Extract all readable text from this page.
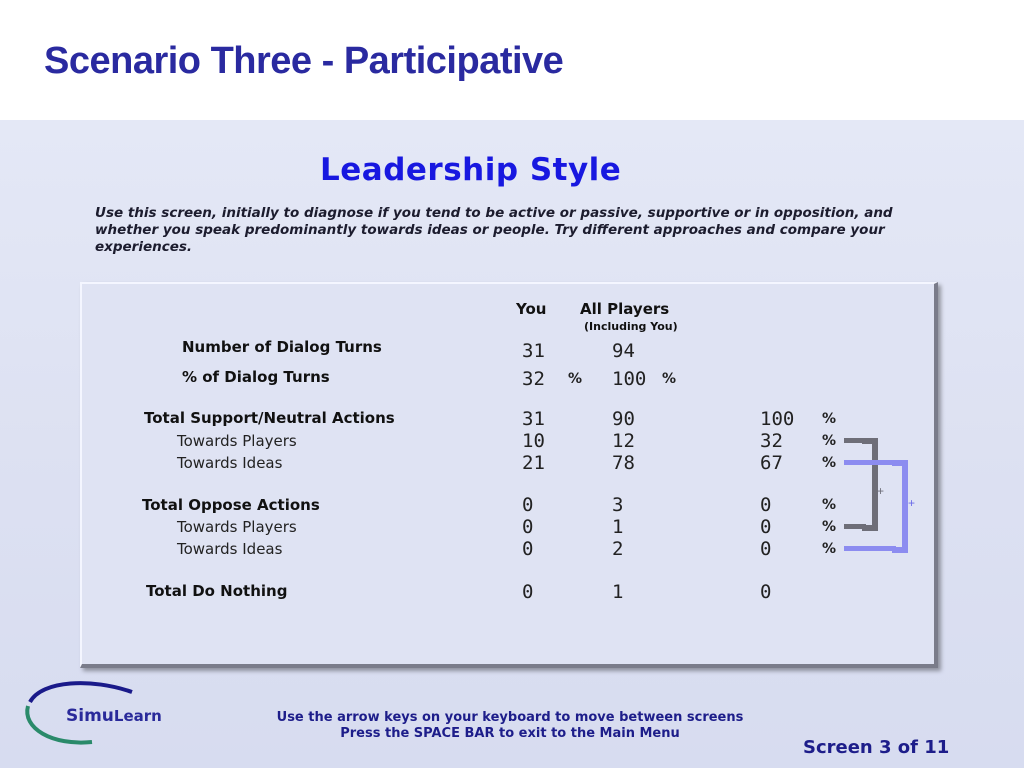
Scenario Three - Participative
Leadership Style
Use this screen, initially to diagnose if you tend to be active or passive, supportive or in opposition, and whether you speak predominantly towards ideas or people. Try different approaches and compare your experiences.
You All Players
(Including You)
Number of Dialog Turns	31	94
% of Dialog Turns	32 % 100 %
Total Support/Neutral Actions	31	90	100 %
Towards Players	10	12	32	%
Towards Ideas	21	78	67	%
Total Oppose Actions	0	3	0	%
Towards Players	0	1	0	%
Towards Ideas	0	2	0	%
Total Do Nothing	0	1	0
+
+
SimuLearn	Use the arrow keys on your keyboard to move between screens
Press the SPACE BAR to exit to the Main Menu
Screen 3 of 11
